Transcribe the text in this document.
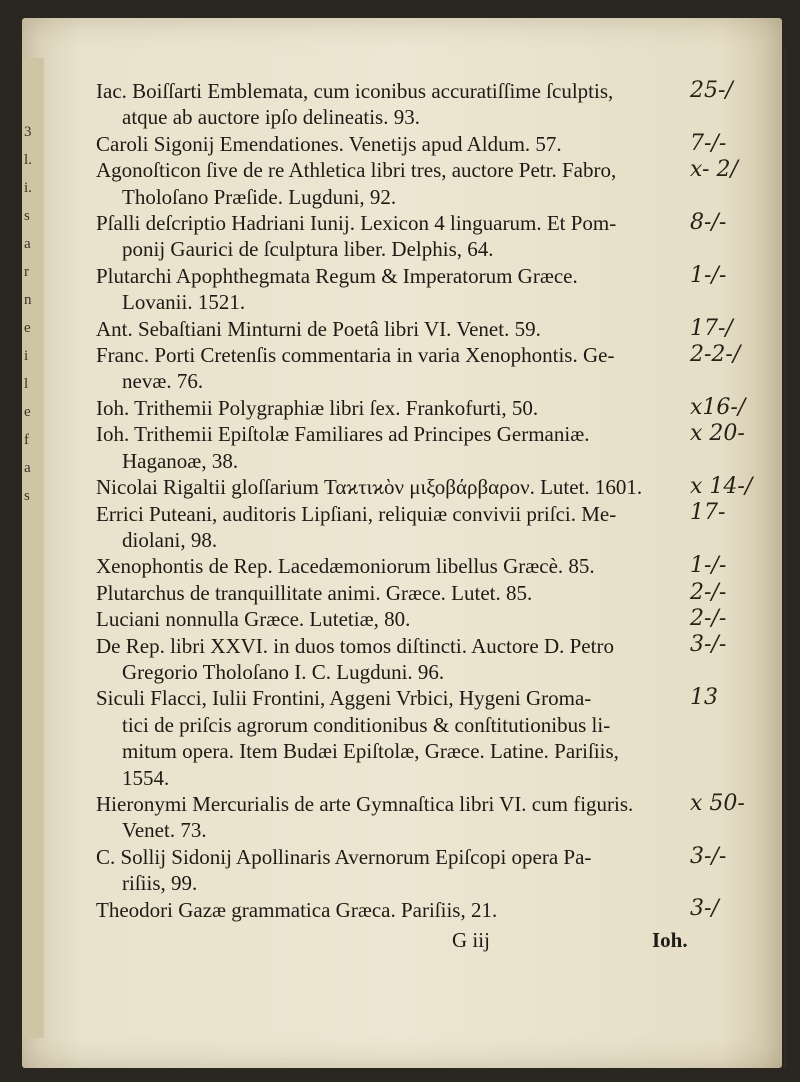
3
l.
i.
s
a
r
n
e
i
l
e
f
a
s
Iac. Boiſſarti Emblemata, cum iconibus accuratiſſime ſculptis,
atque ab auctore ipſo delineatis. 93.
Caroli Sigonij Emendationes. Venetijs apud Aldum. 57.
Agonoſticon ſive de re Athletica libri tres, auctore Petr. Fabro,
Tholoſano Præſide. Lugduni, 92.
Pſalli deſcriptio Hadriani Iunij. Lexicon 4 linguarum. Et Pom-
ponij Gaurici de ſculptura liber. Delphis, 64.
Plutarchi Apophthegmata Regum & Imperatorum Græce.
Lovanii. 1521.
Ant. Sebaſtiani Minturni de Poetâ libri VI. Venet. 59.
Franc. Porti Cretenſis commentaria in varia Xenophontis. Ge-
nevæ. 76.
Ioh. Trithemii Polygraphiæ libri ſex. Frankofurti, 50.
Ioh. Trithemii Epiſtolæ Familiares ad Principes Germaniæ.
Haganoæ, 38.
Nicolai Rigaltii gloſſarium Ταϰτιϰὸν μιξοβάρβαρον. Lutet. 1601.
Errici Puteani, auditoris Lipſiani, reliquiæ convivii priſci. Me-
diolani, 98.
Xenophontis de Rep. Lacedæmoniorum libellus Græcè. 85.
Plutarchus de tranquillitate animi. Græce. Lutet. 85.
Luciani nonnulla Græce. Lutetiæ, 80.
De Rep. libri XXVI. in duos tomos diſtincti. Auctore D. Petro
Gregorio Tholoſano I. C. Lugduni. 96.
Siculi Flacci, Iulii Frontini, Aggeni Vrbici, Hygeni Groma-
tici de priſcis agrorum conditionibus & conſtitutionibus li-
mitum opera. Item Budæi Epiſtolæ, Græce. Latine. Pariſiis,
1554.
Hieronymi Mercurialis de arte Gymnaſtica libri VI. cum figuris.
Venet. 73.
C. Sollij Sidonij Apollinaris Avernorum Epiſcopi opera Pa-
riſiis, 99.
Theodori Gazæ grammatica Græca. Pariſiis, 21.
25-/
7-/-
x- 2/
8-/-
1-/-
17-/
2-2-/
x16-/
x 20-
x 14-/
17-
1-/-
2-/-
2-/-
3-/-
13
x 50-
3-/-
3-/
G iij	Ioh.
